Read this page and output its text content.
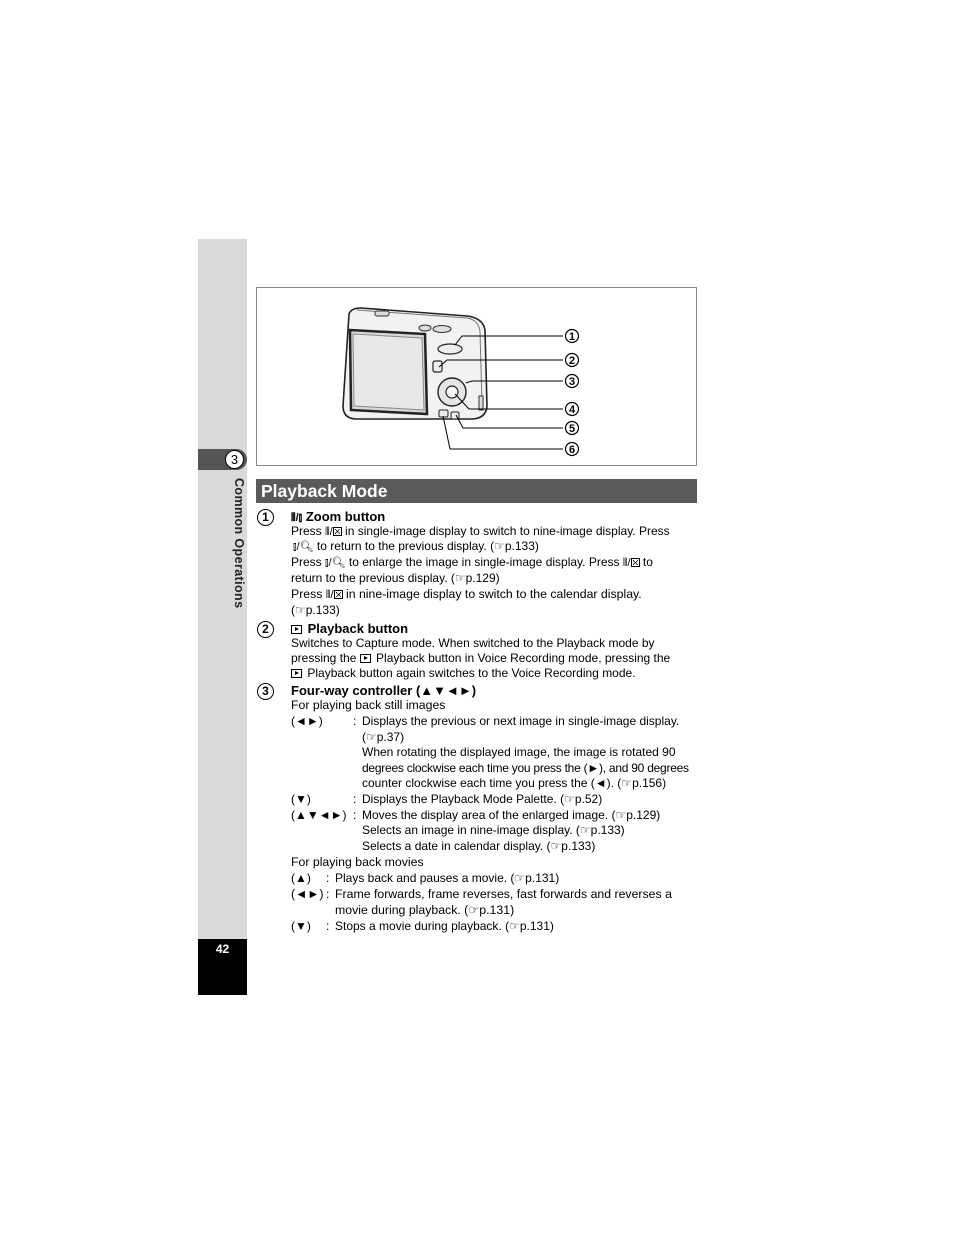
3
Common Operations
42
1
2
3
4
5
6
Playback Mode
1	⫴/⫾ Zoom button
Press ⫴/ in single-image display to switch to nine-image display. Press
⫾/🔍︎ to return to the previous display. (☞p.133)
Press ⫾/🔍︎ to enlarge the image in single-image display. Press ⫴/ to
return to the previous display. (☞p.129)
Press ⫴/ in nine-image display to switch to the calendar display.
(☞p.133)
2	Playback button
Switches to Capture mode. When switched to the Playback mode by
pressing the  Playback button in Voice Recording mode, pressing the
Playback button again switches to the Voice Recording mode.
3	Four-way controller (▲▼◄►)
For playing back still images
(◄►)	: Displays the previous or next image in single-image display.
(☞p.37)
When rotating the displayed image, the image is rotated 90
degrees clockwise each time you press the (►), and 90 degrees
counter clockwise each time you press the (◄). (☞p.156)
(▼)	: Displays the Playback Mode Palette. (☞p.52)
(▲▼◄►) : Moves the display area of the enlarged image. (☞p.129)
Selects an image in nine-image display. (☞p.133)
Selects a date in calendar display. (☞p.133)
For playing back movies
(▲) : Plays back and pauses a movie. (☞p.131)
(◄►) : Frame forwards, frame reverses, fast forwards and reverses a
movie during playback. (☞p.131)
(▼) : Stops a movie during playback. (☞p.131)
